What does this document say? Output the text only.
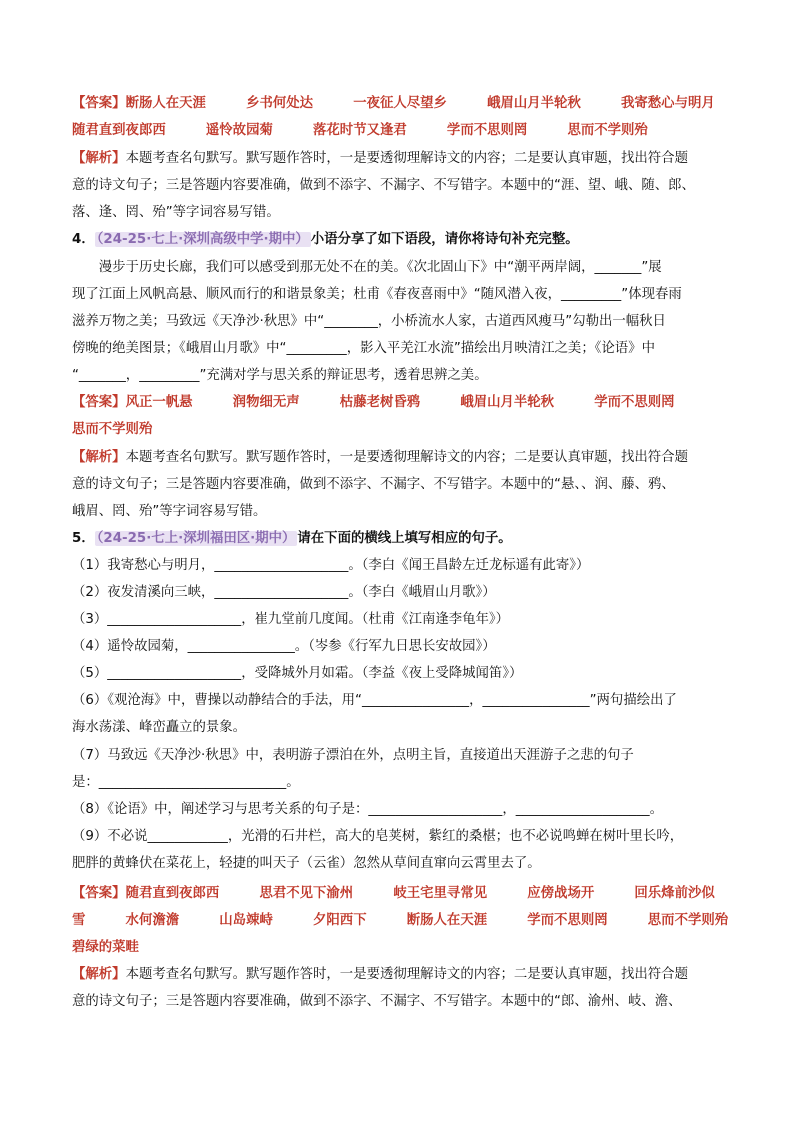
【答案】断肠人在天涯　　　乡书何处达　　　一夜征人尽望乡　　　峨眉山月半轮秋　　　我寄愁心与明月
随君直到夜郎西　　　遥怜故园菊　　　落花时节又逢君　　　学而不思则罔　　　思而不学则殆
【解析】本题考查名句默写。默写题作答时，一是要透彻理解诗文的内容；二是要认真审题，找出符合题
意的诗文句子；三是答题内容要准确，做到不添字、不漏字、不写错字。本题中的“涯、望、峨、随、郎、
落、逢、罔、殆”等字词容易写错。
4． （24-25·七上·深圳高级中学·期中） 小语分享了如下语段，请你将诗句补充完整。
　　漫步于历史长廊，我们可以感受到那无处不在的美。《次北固山下》中“潮平两岸阔，_______”展
现了江面上风帆高悬、顺风而行的和谐景象美；杜甫《春夜喜雨中》“随风潜入夜，_________”体现春雨
滋养万物之美；马致远《天净沙·秋思》中“________，小桥流水人家，古道西风瘦马”勾勒出一幅秋日
傍晚的绝美图景；《峨眉山月歌》中“_________，影入平羌江水流”描绘出月映清江之美；《论语》中
“_______，_________”充满对学与思关系的辩证思考，透着思辨之美。
【答案】风正一帆悬　　　润物细无声　　　枯藤老树昏鸦　　　峨眉山月半轮秋　　　学而不思则罔
思而不学则殆
【解析】本题考查名句默写。默写题作答时，一是要透彻理解诗文的内容；二是要认真审题，找出符合题
意的诗文句子；三是答题内容要准确，做到不添字、不漏字、不写错字。本题中的“悬、、润、藤、鸦、
峨眉、罔、殆”等字词容易写错。
5． （24-25·七上·深圳福田区·期中） 请在下面的横线上填写相应的句子。
（1）我寄愁心与明月，____________________。（李白《闻王昌龄左迁龙标遥有此寄》）
（2）夜发清溪向三峡，____________________。（李白《峨眉山月歌》）
（3）____________________，崔九堂前几度闻。（杜甫《江南逢李龟年》）
（4）遥怜故园菊，________________。（岑参《行军九日思长安故园》）
（5）____________________，受降城外月如霜。（李益《夜上受降城闻笛》）
（6）《观沧海》中，曹操以动静结合的手法，用“________________，________________”两句描绘出了
海水荡漾、峰峦矗立的景象。
（7）马致远《天净沙·秋思》中，表明游子漂泊在外，点明主旨，直接道出天涯游子之悲的句子
是：____________________________。
（8）《论语》中，阐述学习与思考关系的句子是：____________________，____________________。
（9）不必说____________，光滑的石井栏，高大的皂荚树，紫红的桑椹；也不必说鸣蝉在树叶里长吟，
肥胖的黄蜂伏在菜花上，轻捷的叫天子（云雀）忽然从草间直窜向云霄里去了。
【答案】随君直到夜郎西　　　思君不见下渝州　　　岐王宅里寻常见　　　应傍战场开　　　回乐烽前沙似
雪　　　水何澹澹　　　山岛竦峙　　　夕阳西下　　　断肠人在天涯　　　学而不思则罔　　　思而不学则殆
碧绿的菜畦
【解析】本题考查名句默写。默写题作答时，一是要透彻理解诗文的内容；二是要认真审题，找出符合题
意的诗文句子；三是答题内容要准确，做到不添字、不漏字、不写错字。本题中的“郎、渝州、岐、澹、
